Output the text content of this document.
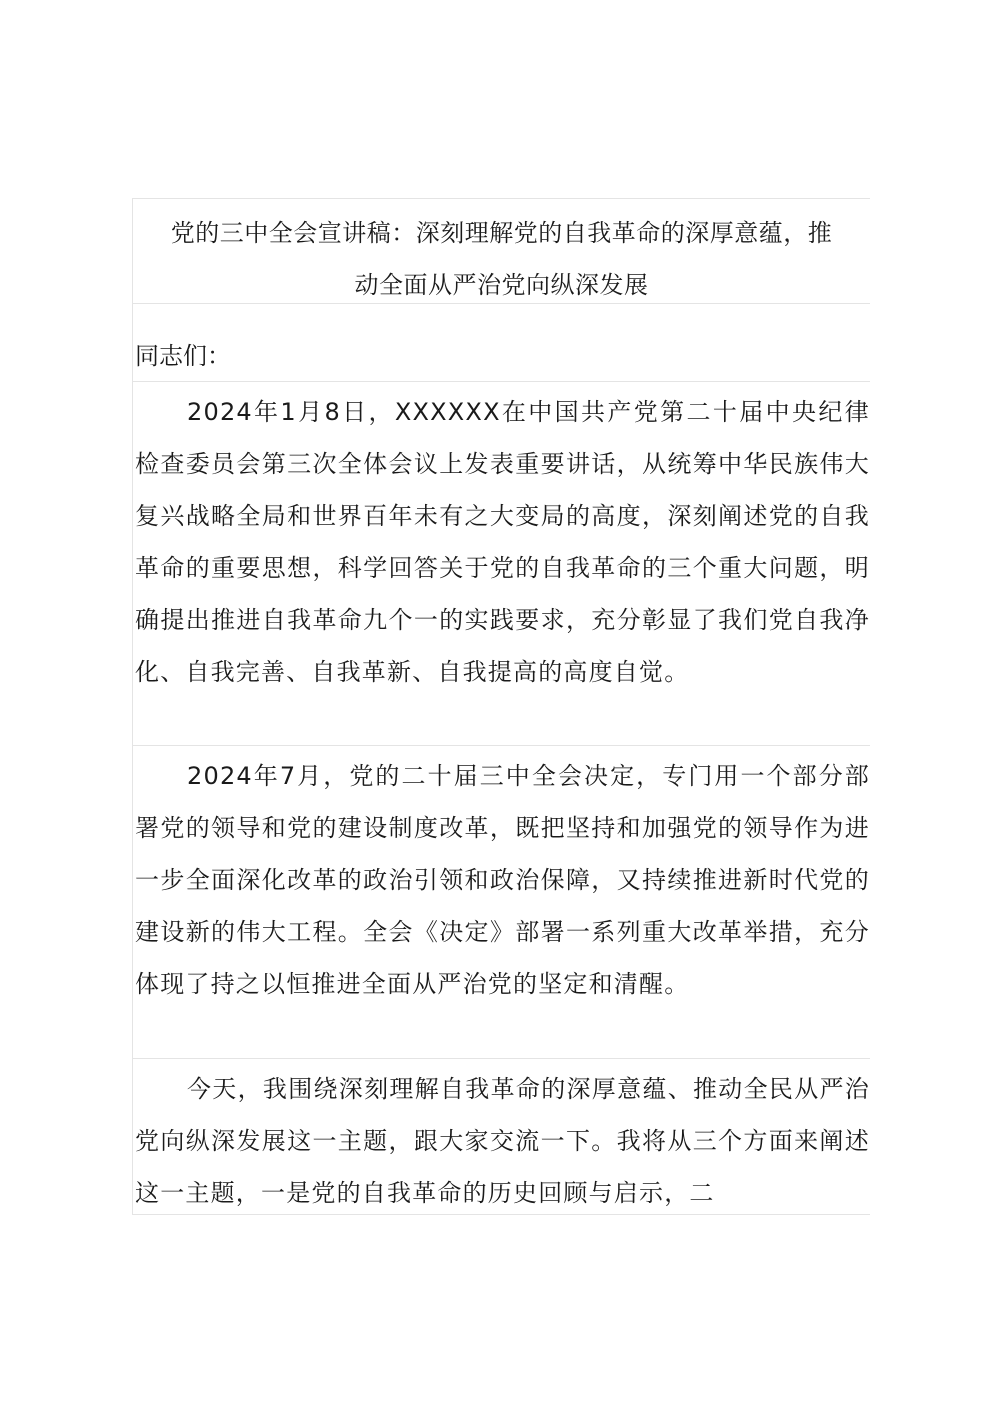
党的三中全会宣讲稿：深刻理解党的自我革命的深厚意蕴，推
动全面从严治党向纵深发展
同志们：
2024年1月8日，XXXXXX在中国共产党第二十届中央纪律检查委员会第三次全体会议上发表重要讲话，从统筹中华民族伟大复兴战略全局和世界百年未有之大变局的高度，深刻阐述党的自我革命的重要思想，科学回答关于党的自我革命的三个重大问题，明确提出推进自我革命九个一的实践要求，充分彰显了我们党自我净化、自我完善、自我革新、自我提高的高度自觉。
2024年7月，党的二十届三中全会决定，专门用一个部分部署党的领导和党的建设制度改革，既把坚持和加强党的领导作为进一步全面深化改革的政治引领和政治保障，又持续推进新时代党的建设新的伟大工程。全会《决定》部署一系列重大改革举措，充分体现了持之以恒推进全面从严治党的坚定和清醒。
今天，我围绕深刻理解自我革命的深厚意蕴、推动全民从严治党向纵深发展这一主题，跟大家交流一下。我将从三个方面来阐述这一主题，一是党的自我革命的历史回顾与启示，二
